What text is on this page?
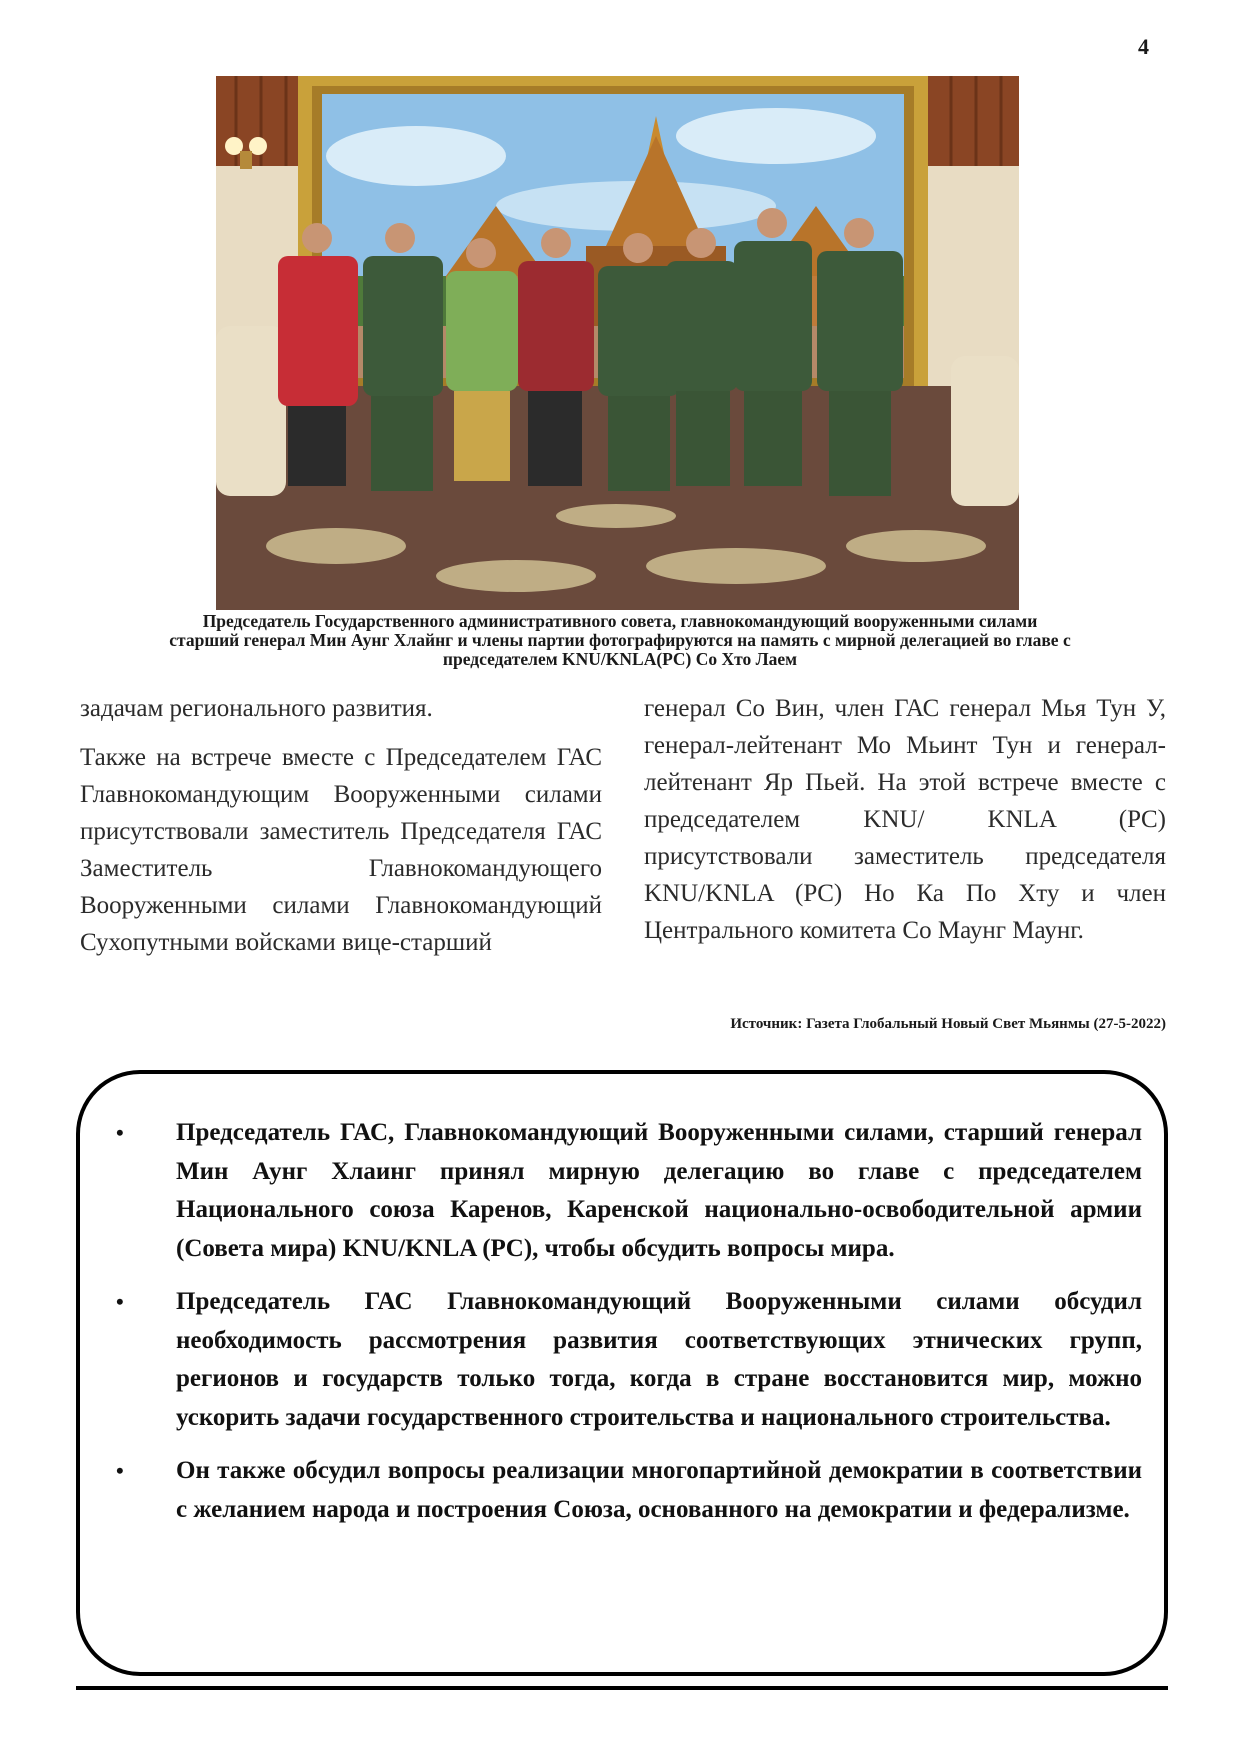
4
Председатель Государственного административного совета, главнокомандующий вооруженными силами
старший генерал Мин Аунг Хлайнг и члены партии фотографируются на память с мирной делегацией во главе с
председателем KNU/KNLA(PC) Со Хто Лаем

задачам регионального развития.

Также на встрече вместе с Председателем ГАС Главнокомандующим Вооруженными силами присутствовали заместитель Председателя ГАС Заместитель Главнокомандующего Вооруженными силами Главнокомандующий Сухопутными войсками вице-старший

генерал Со Вин, член ГАС генерал Мья Тун У, генерал-лейтенант Мо Мьинт Тун и генерал-лейтенант Яр Пьей. На этой встрече вместе с председателем KNU/ KNLA (PC) присутствовали заместитель председателя KNU/KNLA (PC) Но Ка По Хту и член Центрального комитета Со Маунг Маунг.

Источник: Газета Глобальный Новый Свет Мьянмы (27-5-2022)
•	Председатель ГАС, Главнокомандующий Вооруженными силами, старший генерал Мин Аунг Хлаинг принял мирную делегацию во главе с председателем Национального союза Каренов, Каренской национально-освободительной армии (Совета мира) KNU/KNLA (PC), чтобы обсудить вопросы мира.
•	Председатель ГАС Главнокомандующий Вооруженными силами обсудил необходимость рассмотрения развития соответствующих этнических групп, регионов и государств только тогда, когда в стране восстановится мир, можно ускорить задачи государственного строительства и национального строительства.
•	Он также обсудил вопросы реализации многопартийной демократии в соответствии с желанием народа и построения Союза, основанного на демократии и федерализме.
